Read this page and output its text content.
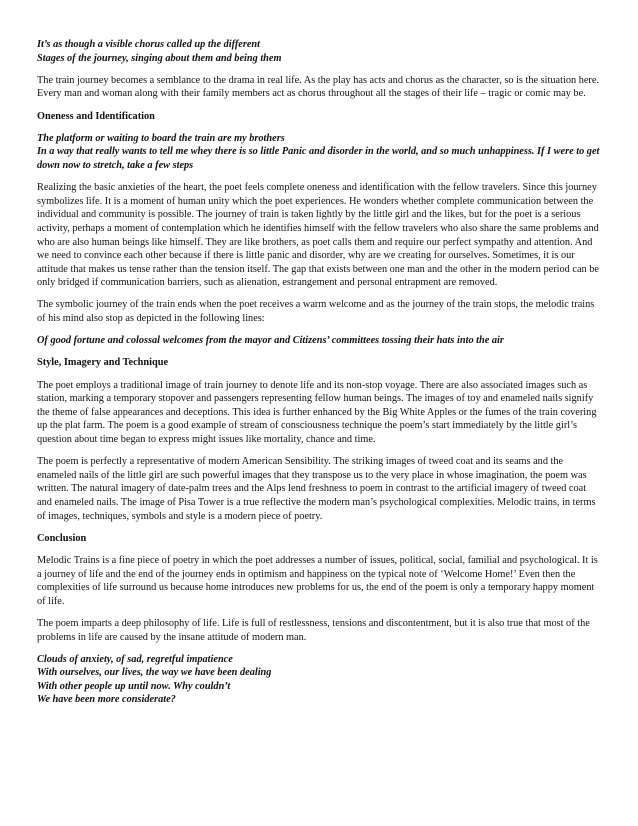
It’s as though a visible chorus called up the different
Stages of the journey, singing about them and being them

The train journey becomes a semblance to the drama in real life. As the play has acts and chorus as the character, so is the situation here. Every man and woman along with their family members act as chorus throughout all the stages of their life – tragic or comic may be.

Oneness and Identification

The platform or waiting to board the train are my brothers
In a way that really wants to tell me whey there is so little Panic and disorder in the world, and so much unhappiness. If I were to get down now to stretch, take a few steps

Realizing the basic anxieties of the heart, the poet feels complete oneness and identification with the fellow travelers. Since this journey symbolizes life. It is a moment of human unity which the poet experiences. He wonders whether complete communication between the individual and community is possible. The journey of train is taken lightly by the little girl and the likes, but for the poet is a serious activity, perhaps a moment of contemplation which he identifies himself with the fellow travelers who also share the same problems and who are also human beings like himself. They are like brothers, as poet calls them and require our perfect sympathy and attention. And we need to convince each other because if there is little panic and disorder, why are we creating for ourselves. Sometimes, it is our attitude that makes us tense rather than the tension itself. The gap that exists between one man and the other in the modern period can be only bridged if communication barriers, such as alienation, estrangement and personal entrapment are removed.

The symbolic journey of the train ends when the poet receives a warm welcome and as the journey of the train stops, the melodic trains of his mind also stop as depicted in the following lines:

Of good fortune and colossal welcomes from the mayor and Citizens’ committees tossing their hats into the air

Style, Imagery and Technique

The poet employs a traditional image of train journey to denote life and its non-stop voyage. There are also associated images such as station, marking a temporary stopover and passengers representing fellow human beings. The images of toy and enameled nails signify the theme of false appearances and deceptions. This idea is further enhanced by the Big White Apples or the fumes of the train covering up the plat farm. The poem is a good example of stream of consciousness technique the poem’s start immediately by the little girl’s question about time began to express might issues like mortality, chance and time.

The poem is perfectly a representative of modern American Sensibility. The striking images of tweed coat and its seams and the enameled nails of the little girl are such powerful images that they transpose us to the very place in whose imagination, the poem was written. The natural imagery of date-palm trees and the Alps lend freshness to poem in contrast to the artificial imagery of tweed coat and enameled nails. The image of Pisa Tower is a true reflective the modern man’s psychological complexities. Melodic trains, in terms of images, techniques, symbols and style is a modern piece of poetry.

Conclusion

Melodic Trains is a fine piece of poetry in which the poet addresses a number of issues, political, social, familial and psychological. It is a journey of life and the end of the journey ends in optimism and happiness on the typical note of ‘Welcome Home!’ Even then the complexities of life surround us because home introduces new problems for us, the end of the poem is only a temporary happy moment of life.

The poem imparts a deep philosophy of life. Life is full of restlessness, tensions and discontentment, but it is also true that most of the problems in life are caused by the insane attitude of modern man.

Clouds of anxiety, of sad, regretful impatience
With ourselves, our lives, the way we have been dealing
With other people up until now. Why couldn’t
We have been more considerate?
